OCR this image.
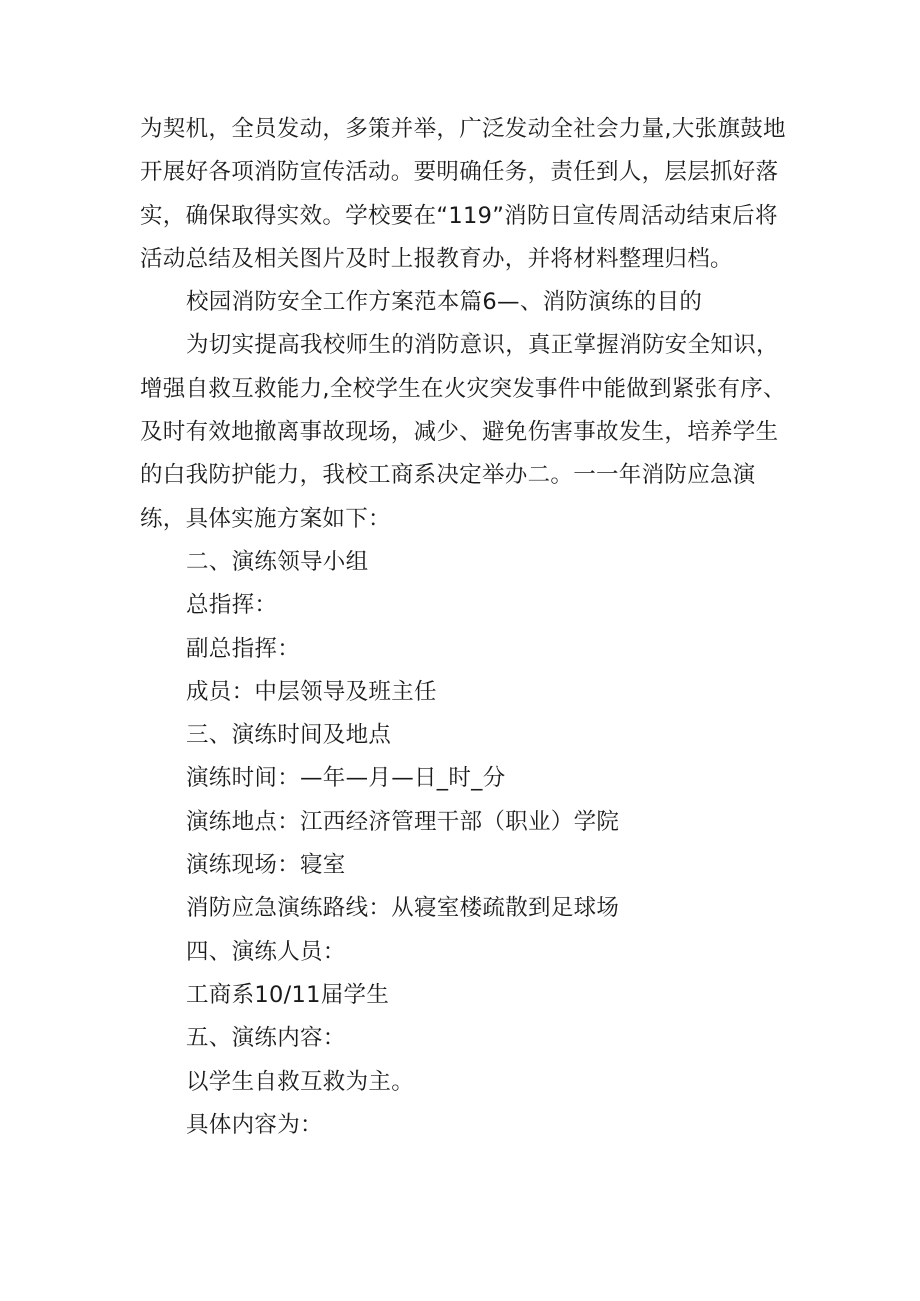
为契机，全员发动，多策并举，广泛发动全社会力量,大张旗鼓地开展好各项消防宣传活动。要明确任务，责任到人，层层抓好落实，确保取得实效。学校要在“119”消防日宣传周活动结束后将活动总结及相关图片及时上报教育办，并将材料整理归档。

校园消防安全工作方案范本篇6—、消防演练的目的

为切实提高我校师生的消防意识，真正掌握消防安全知识，增强自救互救能力,全校学生在火灾突发事件中能做到紧张有序、及时有效地撤离事故现场，减少、避免伤害事故发生，培养学生的白我防护能力，我校工商系决定举办二。一一年消防应急演练，具体实施方案如下：

二、演练领导小组

总指挥：

副总指挥：

成员：中层领导及班主任

三、演练时间及地点

演练时间：—年—月—日_时_分

演练地点：江西经济管理干部（职业）学院

演练现场：寝室

消防应急演练路线：从寝室楼疏散到足球场

四、演练人员：

工商系10/11届学生

五、演练内容：

以学生自救互救为主。

具体内容为：
